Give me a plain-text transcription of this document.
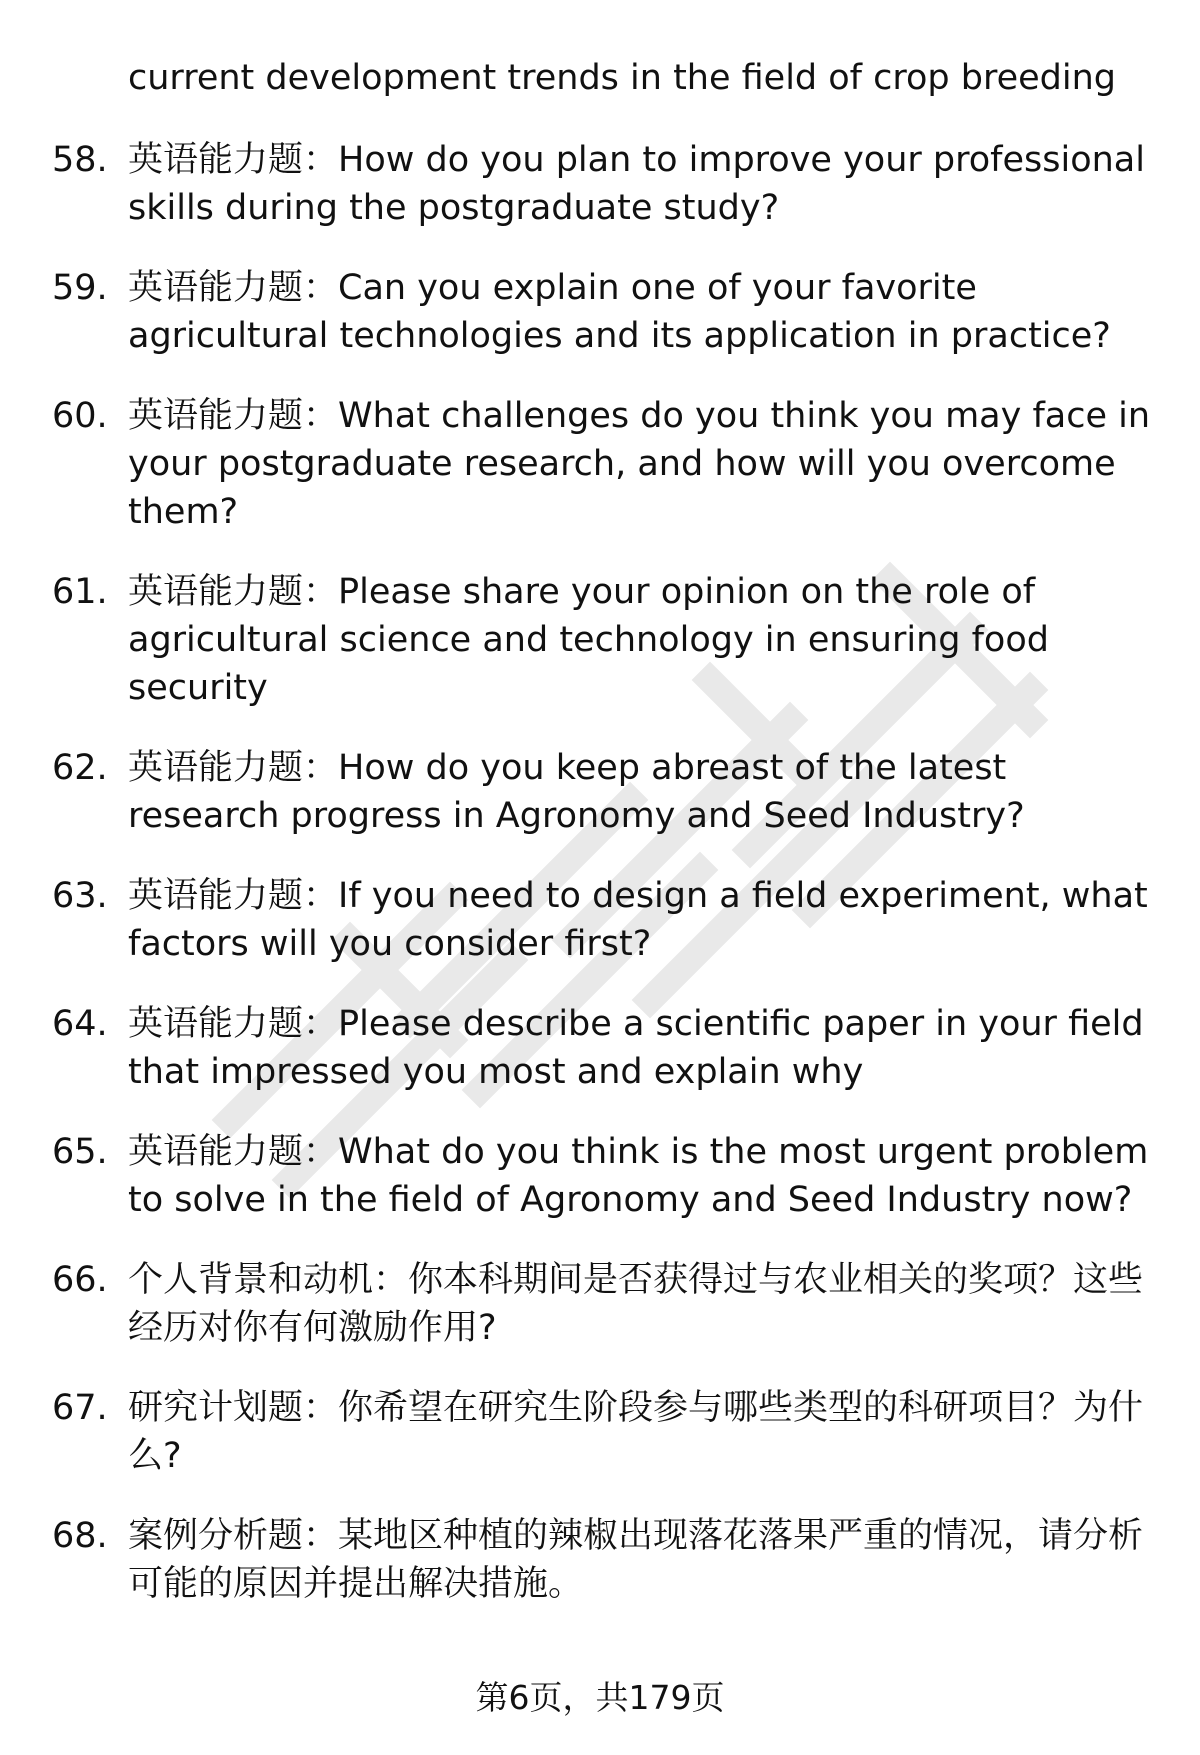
current development trends in the field of crop breeding
58. 英语能力题：How do you plan to improve your professional skills during the postgraduate study?
59. 英语能力题：Can you explain one of your favorite agricultural technologies and its application in practice?
60. 英语能力题：What challenges do you think you may face in your postgraduate research, and how will you overcome them?
61. 英语能力题：Please share your opinion on the role of agricultural science and technology in ensuring food security
62. 英语能力题：How do you keep abreast of the latest research progress in Agronomy and Seed Industry?
63. 英语能力题：If you need to design a field experiment, what factors will you consider first?
64. 英语能力题：Please describe a scientific paper in your field that impressed you most and explain why
65. 英语能力题：What do you think is the most urgent problem to solve in the field of Agronomy and Seed Industry now?
66. 个人背景和动机：你本科期间是否获得过与农业相关的奖项？这些经历对你有何激励作用?
67. 研究计划题：你希望在研究生阶段参与哪些类型的科研项目？为什么?
68. 案例分析题：某地区种植的辣椒出现落花落果严重的情况，请分析可能的原因并提出解决措施。
第6页，共179页
